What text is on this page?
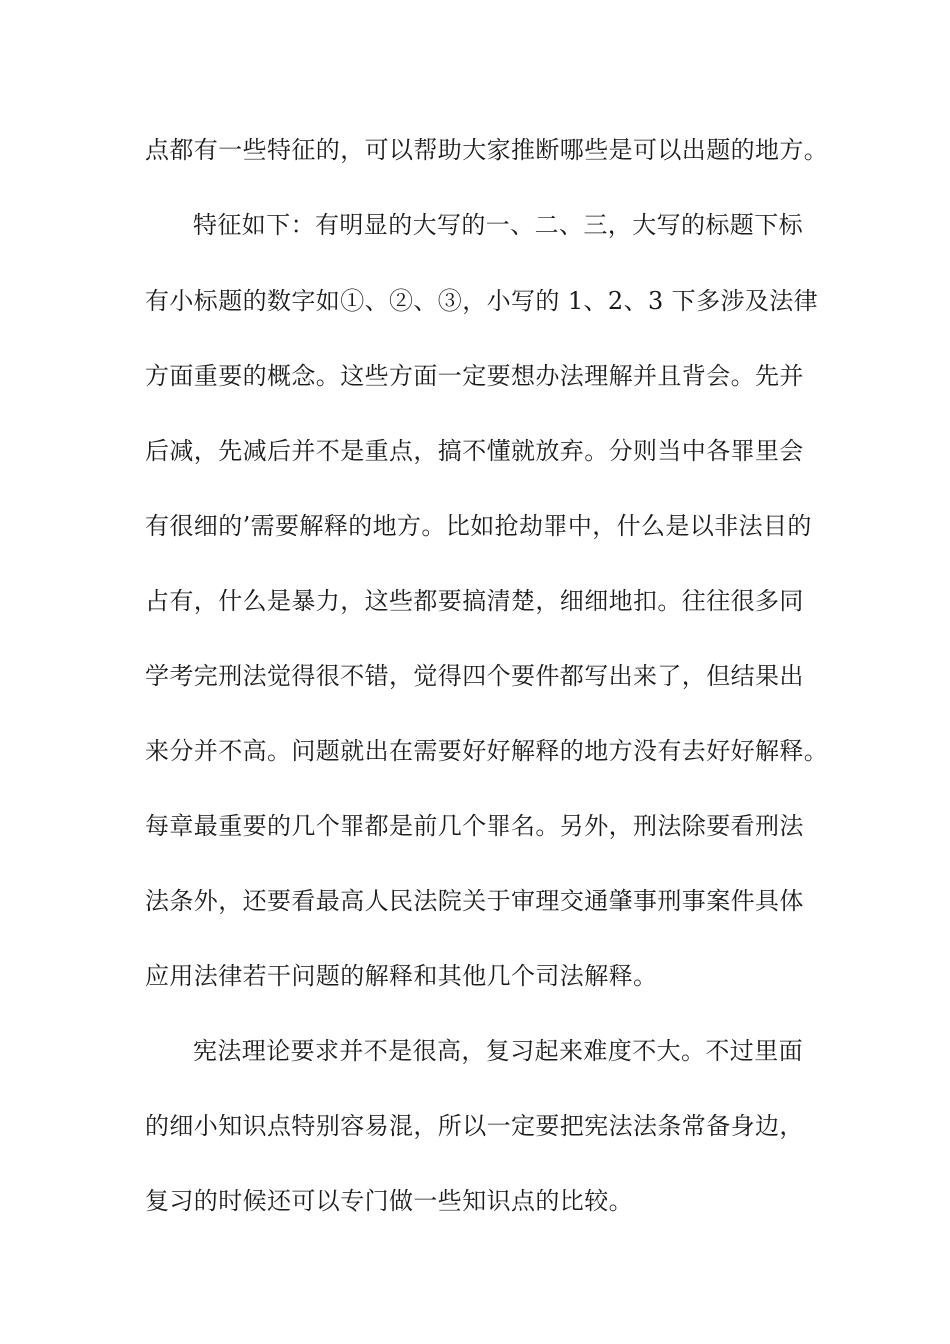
点都有一些特征的，可以帮助大家推断哪些是可以出题的地方。
特征如下：有明显的大写的一、二、三，大写的标题下标
有小标题的数字如①、②、③，小写的 1、2、3 下多涉及法律
方面重要的概念。这些方面一定要想办法理解并且背会。先并
后减，先减后并不是重点，搞不懂就放弃。分则当中各罪里会
有很细的’需要解释的地方。比如抢劫罪中，什么是以非法目的
占有，什么是暴力，这些都要搞清楚，细细地扣。往往很多同
学考完刑法觉得很不错，觉得四个要件都写出来了，但结果出
来分并不高。问题就出在需要好好解释的地方没有去好好解释。
每章最重要的几个罪都是前几个罪名。另外，刑法除要看刑法
法条外，还要看最高人民法院关于审理交通肇事刑事案件具体
应用法律若干问题的解释和其他几个司法解释。
宪法理论要求并不是很高，复习起来难度不大。不过里面
的细小知识点特别容易混，所以一定要把宪法法条常备身边，
复习的时候还可以专门做一些知识点的比较。
